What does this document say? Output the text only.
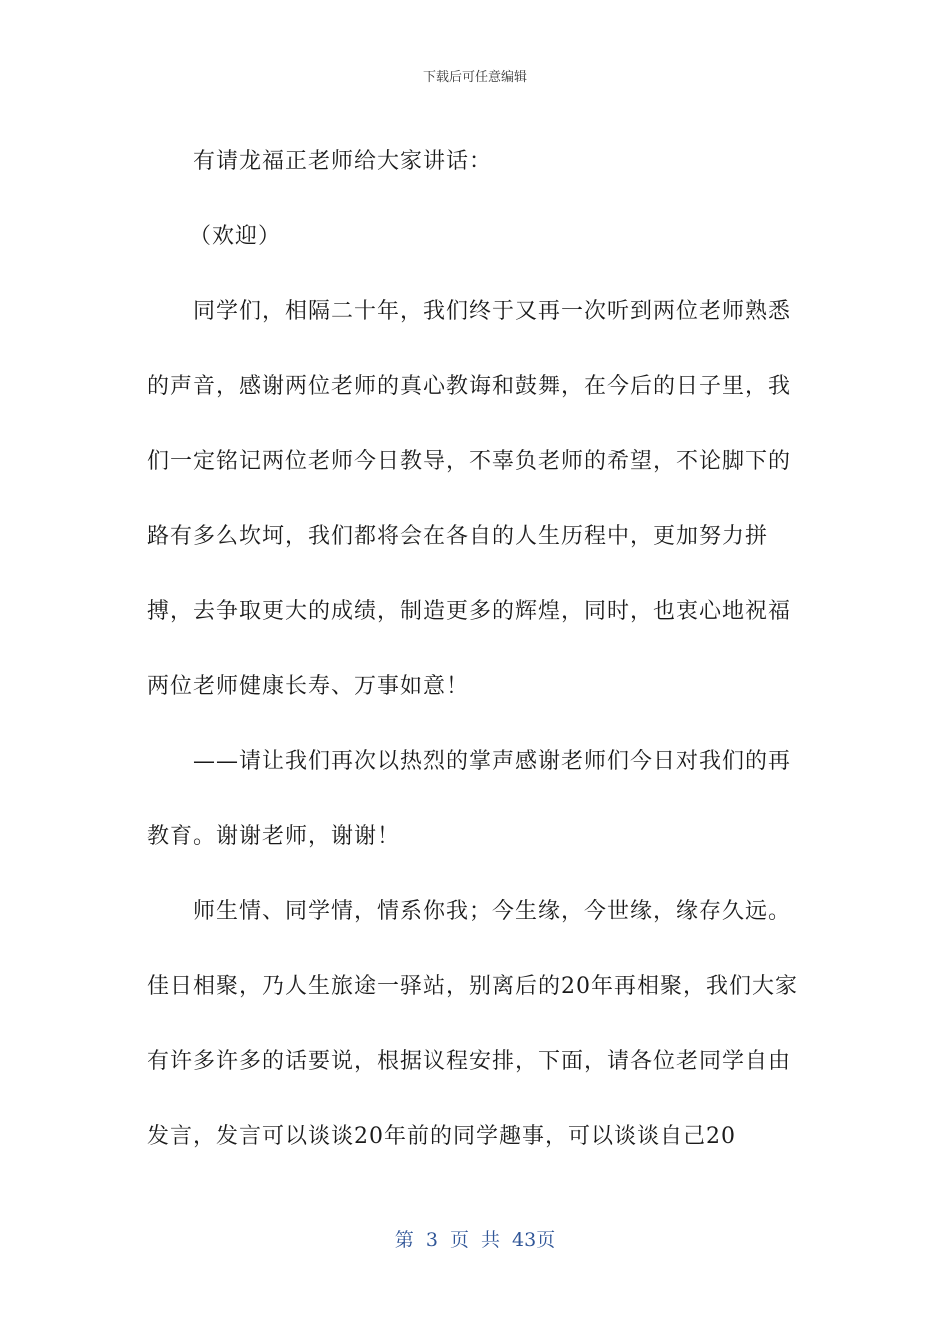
下载后可任意编辑

有请龙福正老师给大家讲话：

（欢迎）

同学们，相隔二十年，我们终于又再一次听到两位老师熟悉的声音，感谢两位老师的真心教诲和鼓舞，在今后的日子里，我们一定铭记两位老师今日教导，不辜负老师的希望，不论脚下的路有多么坎坷，我们都将会在各自的人生历程中，更加努力拼搏，去争取更大的成绩，制造更多的辉煌，同时，也衷心地祝福两位老师健康长寿、万事如意！

——请让我们再次以热烈的掌声感谢老师们今日对我们的再教育。谢谢老师，谢谢！

师生情、同学情，情系你我；今生缘，今世缘，缘存久远。佳日相聚，乃人生旅途一驿站，别离后的20年再相聚，我们大家有许多许多的话要说，根据议程安排，下面，请各位老同学自由发言，发言可以谈谈20年前的同学趣事，可以谈谈自己20

第 3 页 共 43页
